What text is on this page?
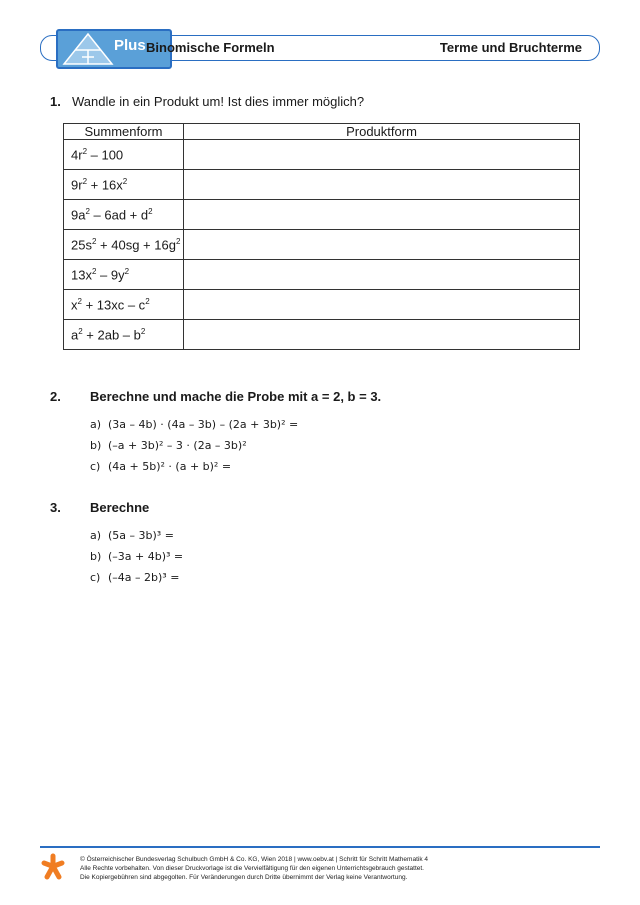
Plus Binomische Formeln	Terme und Bruchterme
1. Wandle in ein Produkt um! Ist dies immer möglich?
Summenform	Produktform
$4r^2 - 100$	
$9r^2 + 16x^2$	
$9a^2 - 6ad + d^2$	
$25s^2 + 40sg + 16g^2$	
$13x^2 - 9y^2$	
$x^2 + 13xc - c^2$	
$a^2 + 2ab - b^2$	
2. Berechne und mache die Probe mit a = 2, b = 3.
a) (3a – 4b) · (4a – 3b) – (2a + 3b)² =
b) (–a + 3b)² – 3 · (2a – 3b)²
c) (4a + 5b)² · (a + b)² =
3. Berechne
a) (5a – 3b)³ =
b) (–3a + 4b)³ =
c) (–4a – 2b)³ =
© Österreichischer Bundesverlag Schulbuch GmbH & Co. KG, Wien 2018 | www.oebv.at | Schritt für Schritt Mathematik 4
Alle Rechte vorbehalten. Von dieser Druckvorlage ist die Vervielfältigung für den eigenen Unterrichtsgebrauch gestattet.
Die Kopiergebühren sind abgegolten. Für Veränderungen durch Dritte übernimmt der Verlag keine Verantwortung.
